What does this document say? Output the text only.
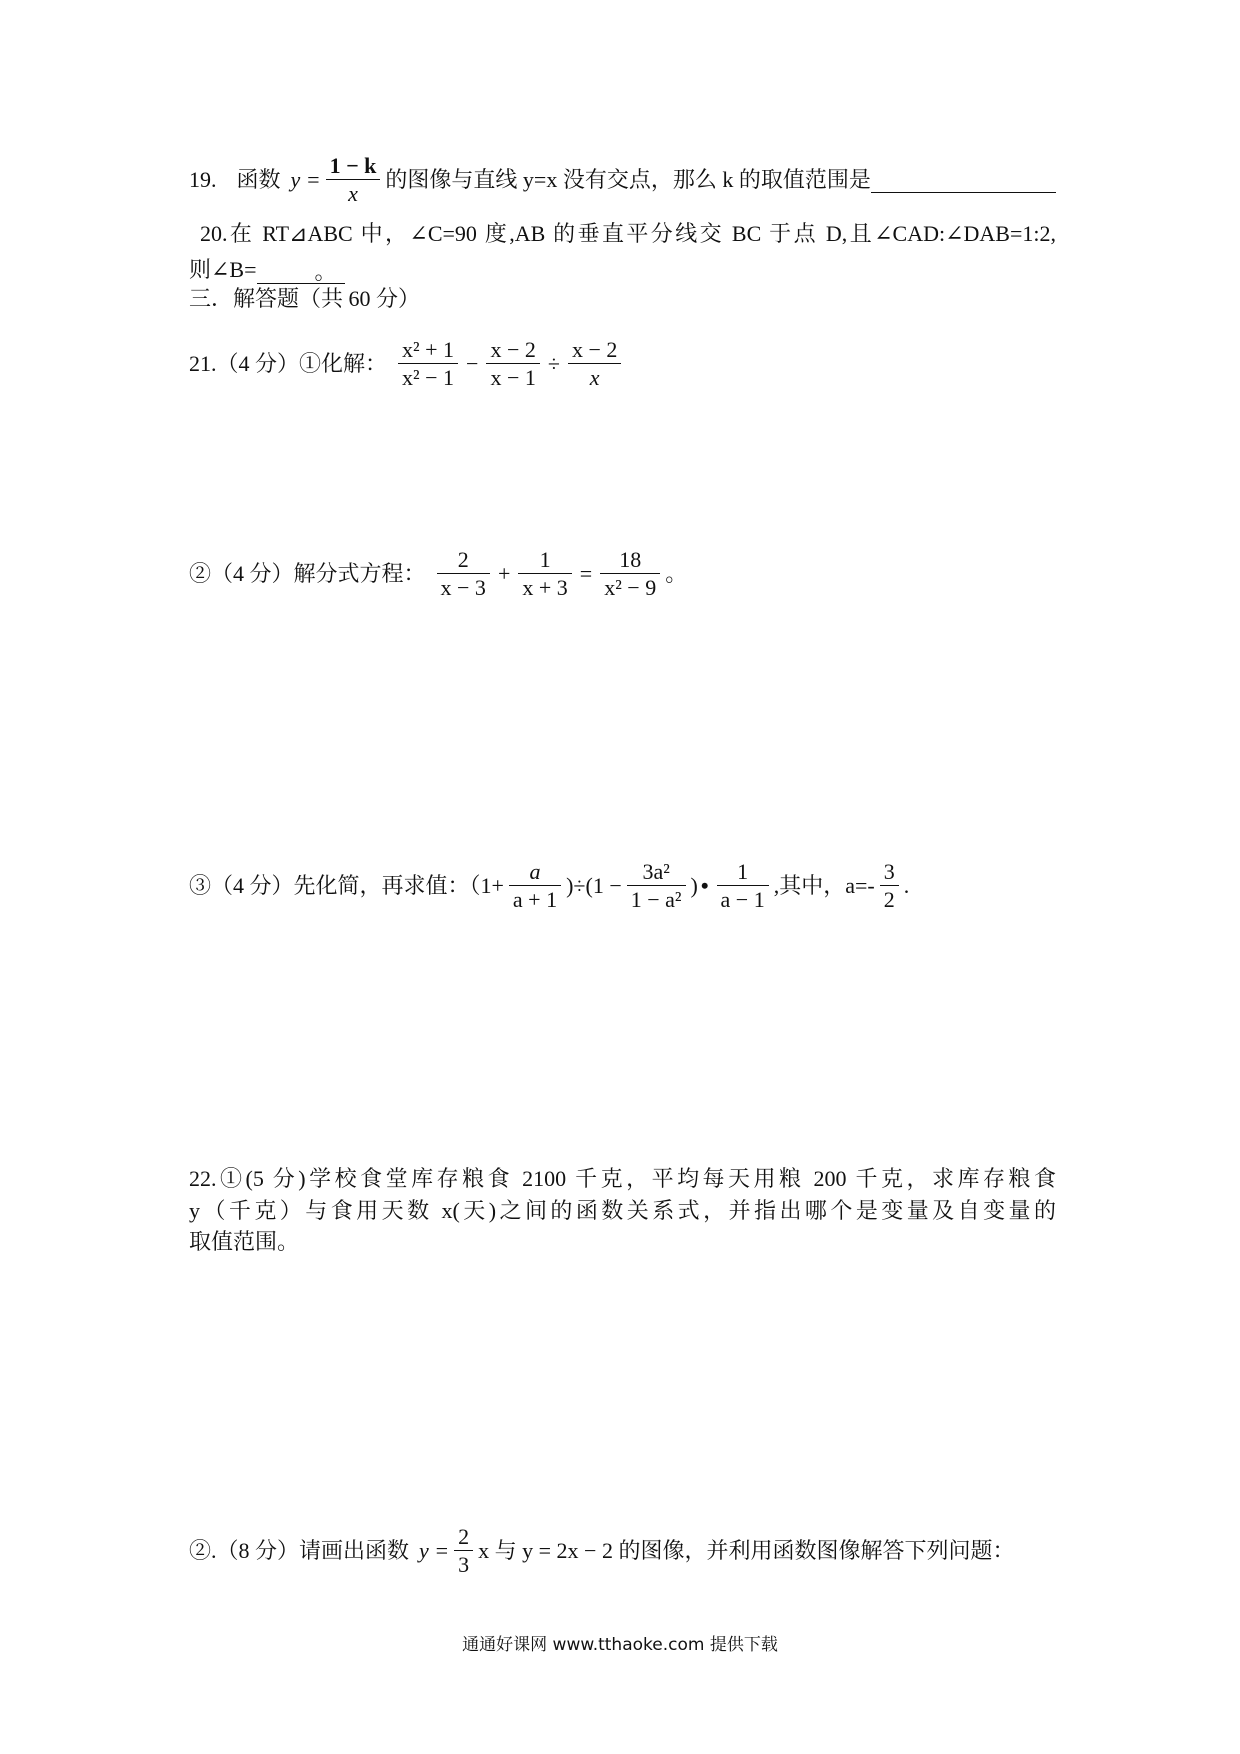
19. 函数 $y = \frac{1 - k}{x}$ 的图像与直线 y=x 没有交点，那么 k 的取值范围是
20.在 RT⊿ABC 中，∠C=90 度,AB 的垂直平分线交 BC 于点 D,且∠CAD:∠DAB=1:2,
则∠B=	。
三．解答题（共 60 分）
21.（4 分）①化解： $\frac{\text{x² + 1}}{\text{x² − 1}} - \frac{x - 2}{x - 1} \div \frac{x - 2}{x}$
②（4 分）解分式方程： $\frac{2}{x - 3} + \frac{1}{x + 3} = \frac{18}{\text{x² − 9}}$ 。
③（4 分）先化简，再求值：$(1+ \frac{a}{a + 1} )\div(1 - \frac{\text{3a²}}{\text{1 − a²}}$ ) • $\frac{1}{a - 1}$ ,其中，$a=- \frac{3}{2}$ .
22.①(5 分)学校食堂库存粮食 2100 千克，平均每天用粮 200 千克，求库存粮食
y（千克）与食用天数 x(天)之间的函数关系式，并指出哪个是变量及自变量的
取值范围。
②.（8 分）请画出函数 $y = \frac{2}{3}$ x 与 y = 2x − 2 的图像，并利用函数图像解答下列问题：
通通好课网 www.tthaoke.com 提供下载
